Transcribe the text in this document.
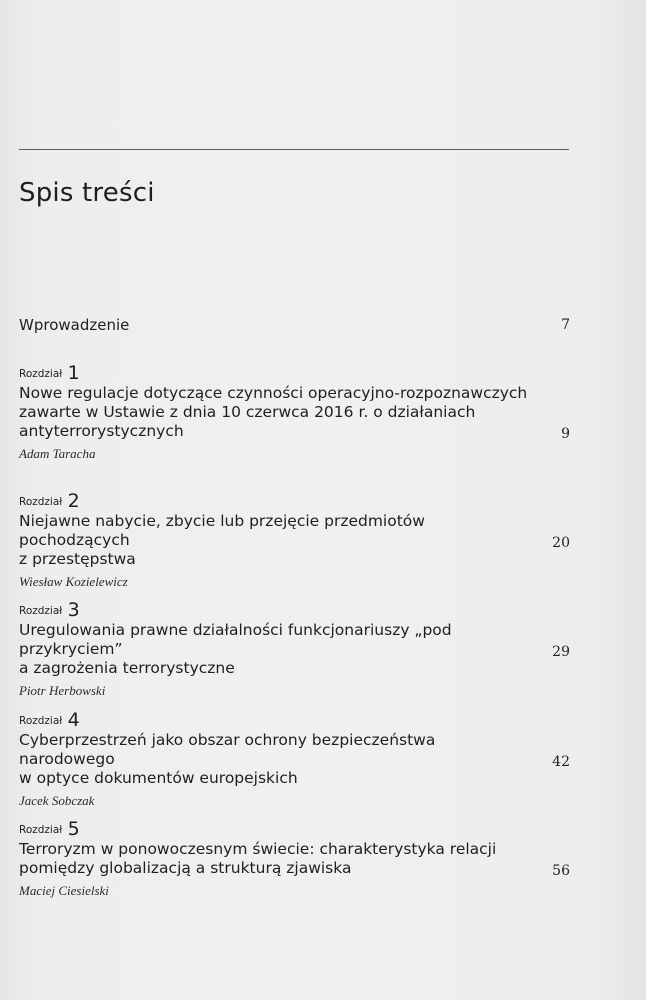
Spis treści
Wprowadzenie	7
Rozdział 1
Nowe regulacje dotyczące czynności operacyjno-rozpoznawczych
zawarte w Ustawie z dnia 10 czerwca 2016 r. o działaniach
antyterrorystycznych	9
Adam Taracha
Rozdział 2
Niejawne nabycie, zbycie lub przejęcie przedmiotów pochodzących
z przestępstwa
20
Wiesław Kozielewicz
Rozdział 3
Uregulowania prawne działalności funkcjonariuszy „pod przykryciem”
a zagrożenia terrorystyczne
29
Piotr Herbowski
Rozdział 4
Cyberprzestrzeń jako obszar ochrony bezpieczeństwa narodowego
w optyce dokumentów europejskich
42
Jacek Sobczak
Rozdział 5
Terroryzm w ponowoczesnym świecie: charakterystyka relacji
pomiędzy globalizacją a strukturą zjawiska	56
Maciej Ciesielski
